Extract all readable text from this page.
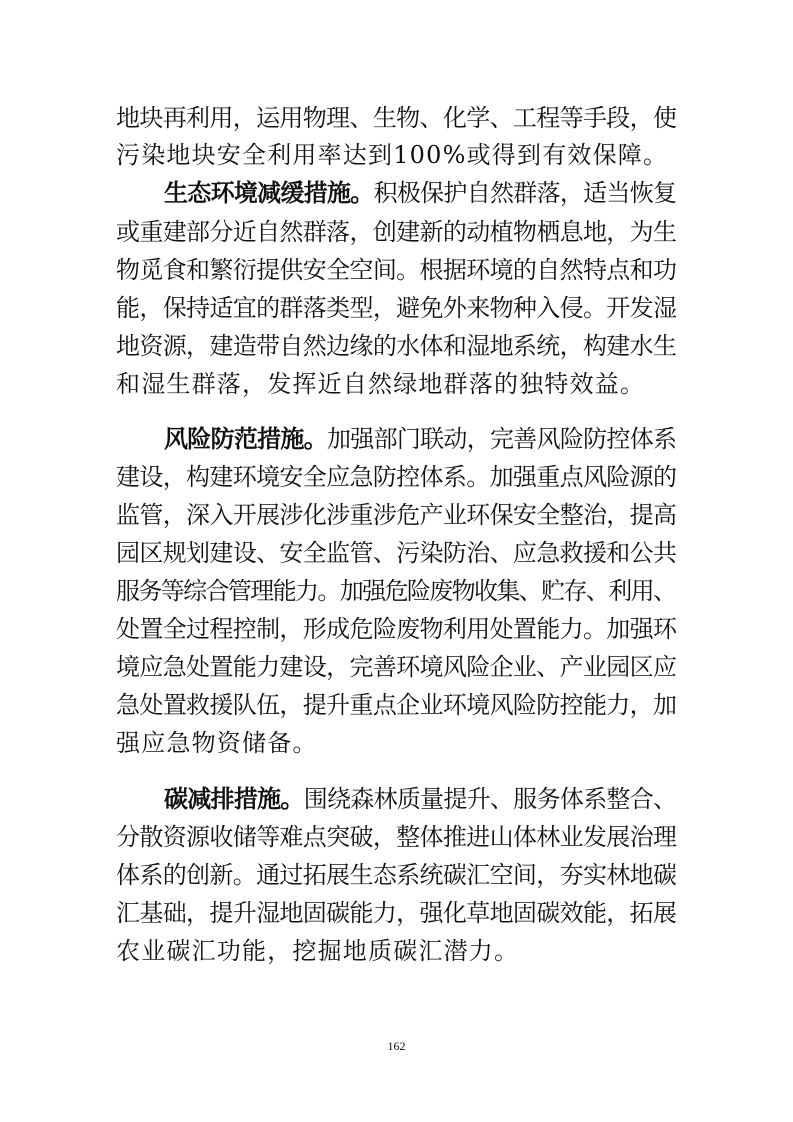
地块再利用，运用物理、生物、化学、工程等手段，使
污染地块安全利用率达到100%或得到有效保障。
生态环境减缓措施。积极保护自然群落，适当恢复
或重建部分近自然群落，创建新的动植物栖息地，为生
物觅食和繁衍提供安全空间。根据环境的自然特点和功
能，保持适宜的群落类型，避免外来物种入侵。开发湿
地资源，建造带自然边缘的水体和湿地系统，构建水生
和湿生群落，发挥近自然绿地群落的独特效益。
风险防范措施。加强部门联动，完善风险防控体系
建设，构建环境安全应急防控体系。加强重点风险源的
监管，深入开展涉化涉重涉危产业环保安全整治，提高
园区规划建设、安全监管、污染防治、应急救援和公共
服务等综合管理能力。加强危险废物收集、贮存、利用、
处置全过程控制，形成危险废物利用处置能力。加强环
境应急处置能力建设，完善环境风险企业、产业园区应
急处置救援队伍，提升重点企业环境风险防控能力，加
强应急物资储备。
碳减排措施。围绕森林质量提升、服务体系整合、
分散资源收储等难点突破，整体推进山体林业发展治理
体系的创新。通过拓展生态系统碳汇空间，夯实林地碳
汇基础，提升湿地固碳能力，强化草地固碳效能，拓展
农业碳汇功能，挖掘地质碳汇潜力。
162
